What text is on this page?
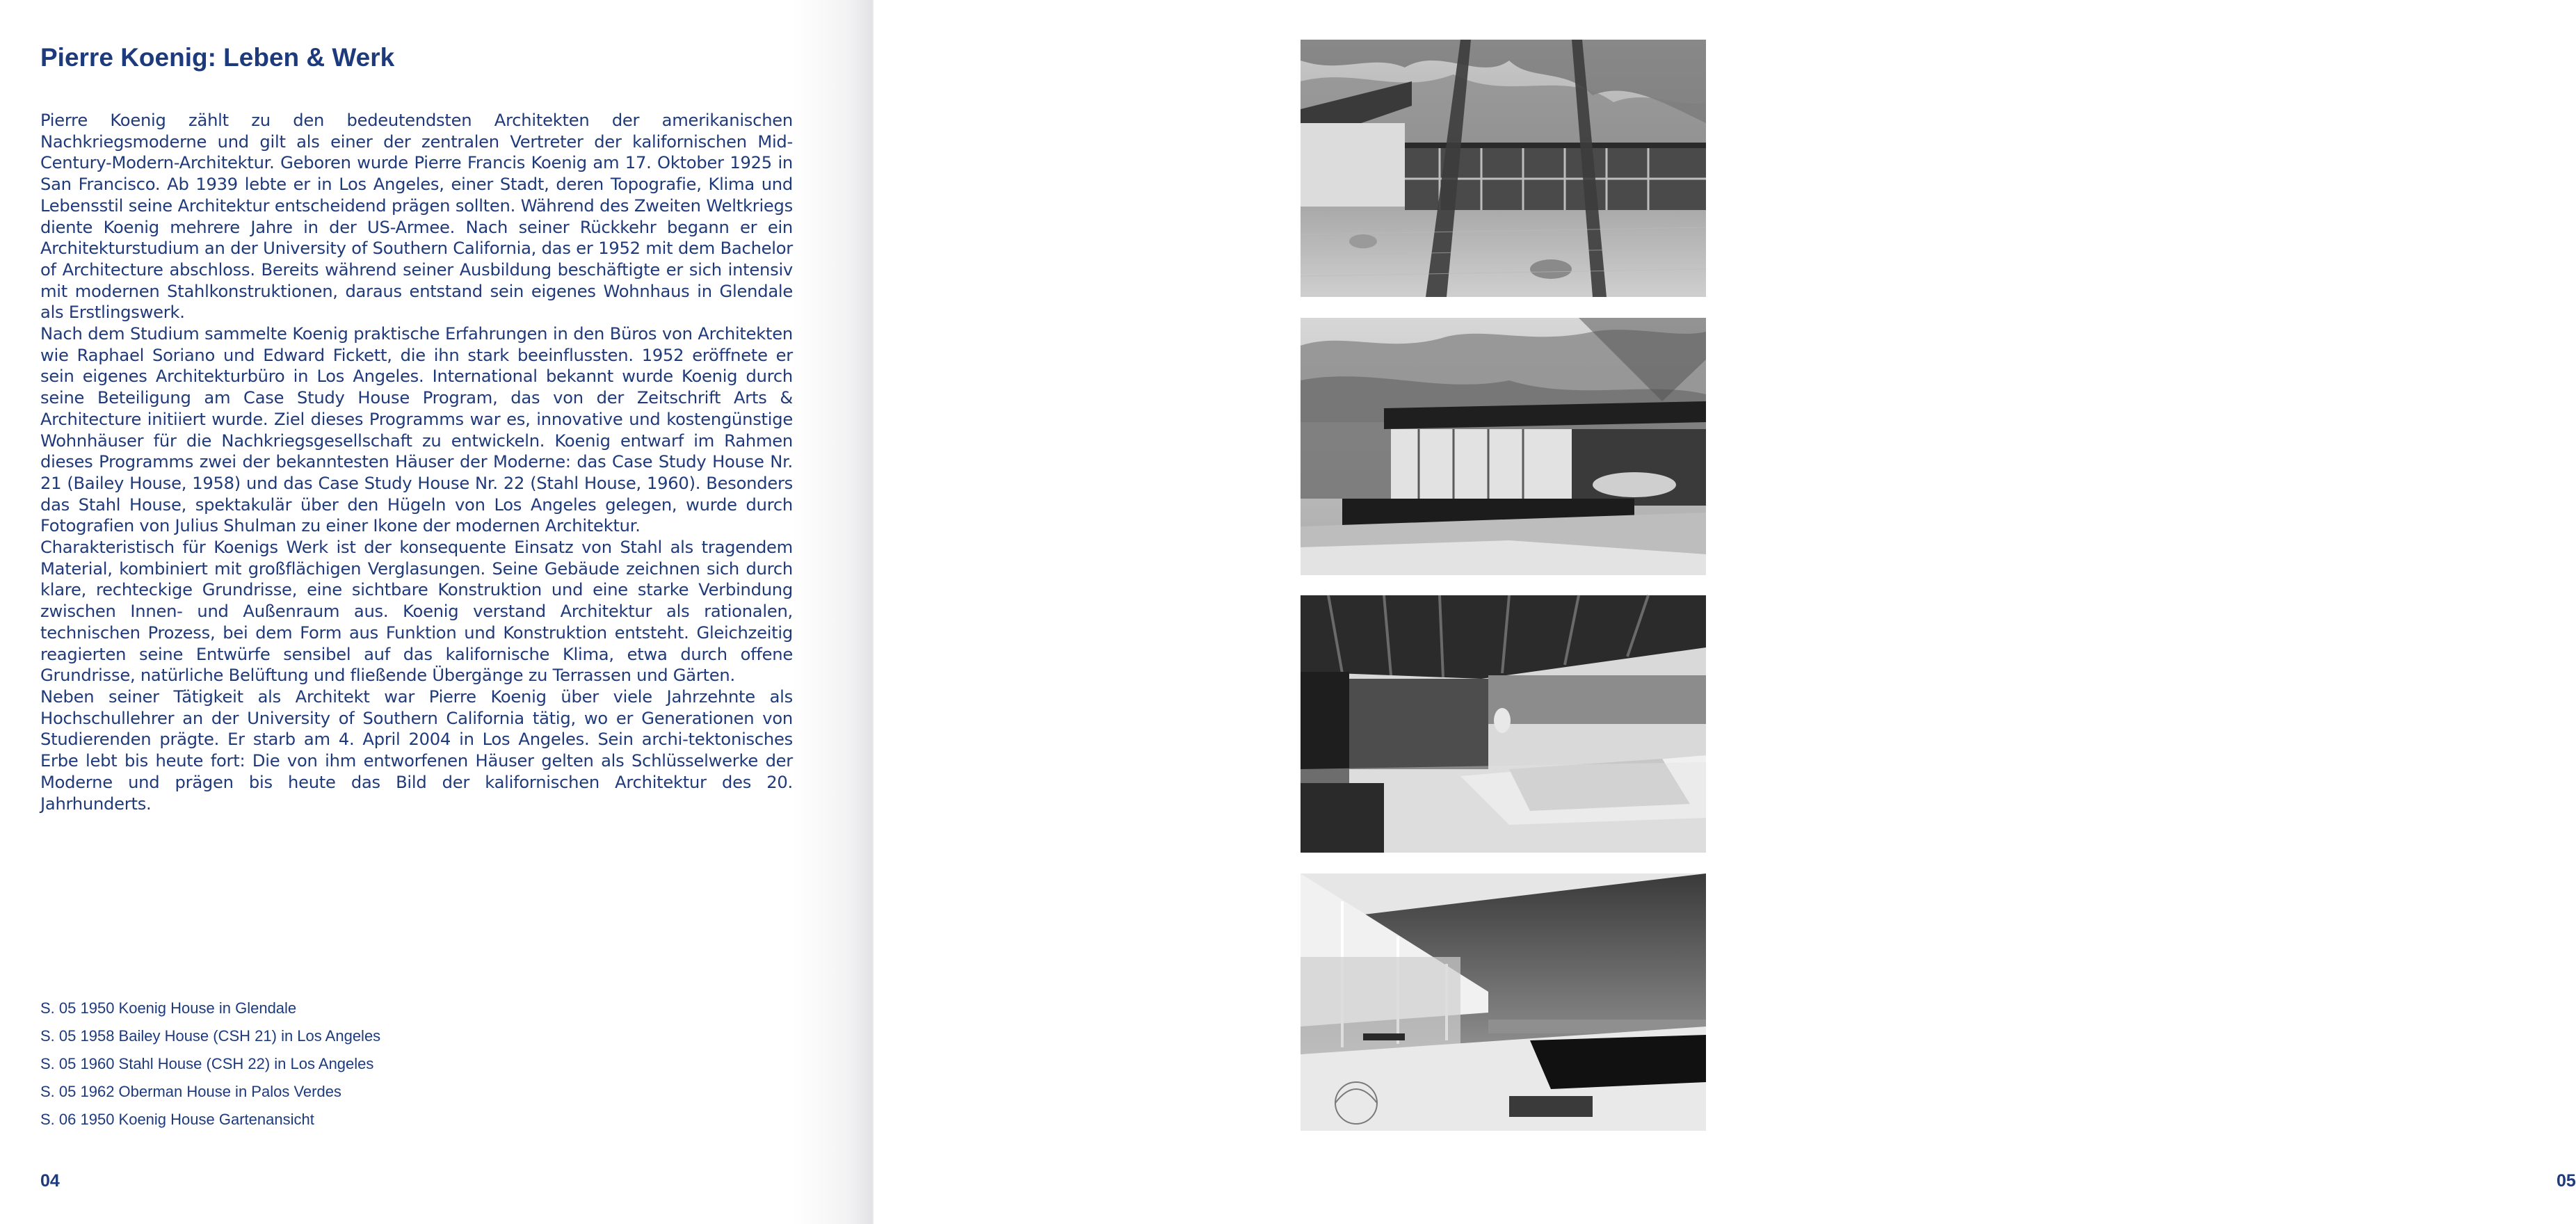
Pierre Koenig: Leben & Werk

Pierre Koenig zählt zu den bedeutendsten Architekten der amerikanischen Nachkriegsmoderne und gilt als einer der zentralen Vertreter der kalifornischen Mid-Century-Modern-Architektur. Geboren wurde Pierre Francis Koenig am 17. Oktober 1925 in San Francisco. Ab 1939 lebte er in Los Angeles, einer Stadt, deren Topografie, Klima und Lebensstil seine Architektur entscheidend prägen sollten. Während des Zweiten Weltkriegs diente Koenig mehrere Jahre in der US-Armee. Nach seiner Rückkehr begann er ein Architekturstudium an der University of Southern California, das er 1952 mit dem Bachelor of Architecture abschloss. Bereits während seiner Ausbildung beschäftigte er sich intensiv mit modernen Stahlkonstruktionen, daraus entstand sein eigenes Wohnhaus in Glendale als Erstlingswerk.

Nach dem Studium sammelte Koenig praktische Erfahrungen in den Büros von Architekten wie Raphael Soriano und Edward Fickett, die ihn stark beeinflussten. 1952 eröffnete er sein eigenes Architekturbüro in Los Angeles. International bekannt wurde Koenig durch seine Beteiligung am Case Study House Program, das von der Zeitschrift Arts & Architecture initiiert wurde. Ziel dieses Programms war es, innovative und kostengünstige Wohnhäuser für die Nachkriegsgesellschaft zu entwickeln. Koenig entwarf im Rahmen dieses Programms zwei der bekanntesten Häuser der Moderne: das Case Study House Nr. 21 (Bailey House, 1958) und das Case Study House Nr. 22 (Stahl House, 1960). Besonders das Stahl House, spektakulär über den Hügeln von Los Angeles gelegen, wurde durch Fotografien von Julius Shulman zu einer Ikone der modernen Architektur.

Charakteristisch für Koenigs Werk ist der konsequente Einsatz von Stahl als tragendem Material, kombiniert mit großflächigen Verglasungen. Seine Gebäude zeichnen sich durch klare, rechteckige Grundrisse, eine sichtbare Konstruktion und eine starke Verbindung zwischen Innen- und Außenraum aus. Koenig verstand Architektur als rationalen, technischen Prozess, bei dem Form aus Funktion und Konstruktion entsteht. Gleichzeitig reagierten seine Entwürfe sensibel auf das kalifornische Klima, etwa durch offene Grundrisse, natürliche Belüftung und fließende Übergänge zu Terrassen und Gärten.

Neben seiner Tätigkeit als Architekt war Pierre Koenig über viele Jahrzehnte als Hochschullehrer an der University of Southern California tätig, wo er Generationen von Studierenden prägte. Er starb am 4. April 2004 in Los Angeles. Sein archi-tektonisches Erbe lebt bis heute fort: Die von ihm entworfenen Häuser gelten als Schlüsselwerke der Moderne und prägen bis heute das Bild der kalifornischen Architektur des 20. Jahrhunderts.

S. 05 1950 Koenig House in Glendale
S. 05 1958 Bailey House (CSH 21) in Los Angeles
S. 05 1960 Stahl House (CSH 22) in Los Angeles
S. 05 1962 Oberman House in Palos Verdes
S. 06 1950 Koenig House Gartenansicht
04	05
